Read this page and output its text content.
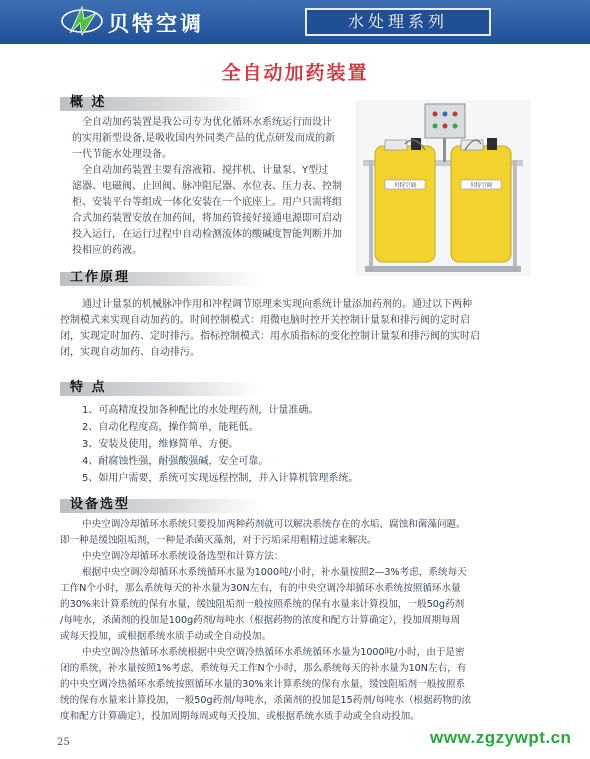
贝特空调	水处理系列
全自动加药装置
概 述
全自动加药装置是我公司专为优化循环水系统运行而设计
的实用新型设备,是吸收国内外同类产品的优点研发而成的新
一代节能水处理设备。
全自动加药装置主要有溶液箱、搅拌机、计量泵、Y型过
滤器、电磁阀、止回阀、脉冲阻尼器、水位表、压力表、控制
柜、安装平台等组成一体化安装在一个底座上。用户只需将组
合式加药装置安放在加药间，将加药管接好接通电源即可启动
投入运行，在运行过程中自动检测流体的酸碱度智能判断并加
投相应的药液。
贝特空调	贝特空调
工作原理
通过计量泵的机械脉冲作用和冲程调节原理来实现向系统计量添加药剂的。通过以下两种
控制模式来实现自动加药的。时间控制模式：用微电脑时控开关控制计量泵和排污阀的定时启
闭，实现定时加药、定时排污。指标控制模式：用水质指标的变化控制计量泵和排污阀的实时启
闭，实现自动加药、自动排污。
特 点
1、可高精度投加各种配比的水处理药剂，计量准确。
2、自动化程度高，操作简单，能耗低。
3、安装及使用，维修简单、方便。
4、耐腐蚀性强，耐强酸强碱，安全可靠。
5、如用户需要，系统可实现远程控制，并入计算机管理系统。
设备选型
中央空调冷却循环水系统只要投加两种药剂就可以解决系统存在的水垢、腐蚀和菌藻问题。
即一种是缓蚀阻垢剂，一种是杀菌灭藻剂，对于污垢采用粗精过滤来解决。
中央空调冷却循环水系统设备选型和计算方法：
根据中央空调冷却循环水系统循环水量为1000吨/小时，补水量按照2—3%考虑，系统每天
工作N个小时，那么系统每天的补水量为30N左右，有的中央空调冷却循环水系统按照循环水量
的30%来计算系统的保有水量，缓蚀阻垢剂一般按照系统的保有水量来计算投加，一般50g药剂
/每吨水，杀菌剂的投加是100g药剂/每吨水（根据药物的浓度和配方计算确定），投加周期每周
或每天投加，或根据系统水质手动或全自动投加。
中央空调冷热循环水系统根据中央空调冷热循环水系统循环水量为1000吨/小时，由于是密
闭的系统，补水量按照1%考虑，系统每天工作N个小时，那么系统每天的补水量为10N左右，有
的中央空调冷热循环水系统按照循环水量的30%来计算系统的保有水量，缓蚀阻垢剂一般按照系
统的保有水量来计算投加，一般50g药剂/每吨水，杀菌剂的投加是15药剂/每吨水（根据药物的浓
度和配方计算确定），投加周期每周或每天投加、或根据系统水质手动或全自动投加。
25	www.zgzywpt.cn
